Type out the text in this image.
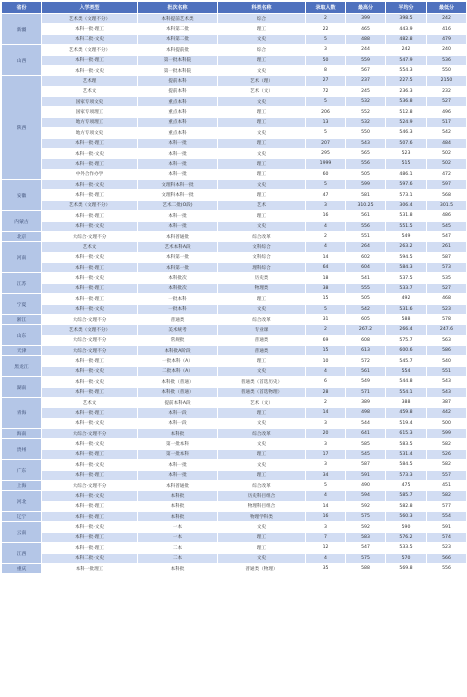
省份	入学类型	批次名称	科类名称	录取人数	最高分	平均分	最低分
新疆	艺术类（文理不分）	本科提前艺术类	综合	2	399	398.5	242
	本科一批·理工	本科第二批	理工	22	465	443.9	416
	本科二批·文史	本科第二批	文史	5	488	482.8	479
山西	艺术类（文理不分）	本科提前批	综合	3	244	242	240
	本科一批·理工	第一批本科院	理工	50	559	547.9	536
	本科一批·文史	第一批本科院	文史	8	567	554.3	550
陕西	艺术理	提前本科	艺术（理）	27	237	227.5	2150
	艺术文	提前本科	艺术（文）	72	245	236.3	232
	国家专项文史	重点本科	文史	5	532	536.8	527
	国家专项理工	重点本科	理工	206	552	512.8	496
	地方专项理工	重点本科	理工	13	532	524.9	517
	地方专项文史	重点本科	文史	5	550	546.3	542
	本科一批·理工	本科一批	理工	207	543	507.6	484
	本科一批·文史	本科一批	文史	295	565	523	502
	本科一批·理工	本科一批	理工	1999	556	515	502
	中外合作办学	本科一批	理工	60	505	486.1	472
安徽	本科一批·文史	文理科本科一批	文史	5	599	597.6	597
	本科一批·理工	文理科本科一批	理工	47	581	573.1	568
	艺术类（文理不分）	艺术二批(O段)	艺术	3	310.25	306.4	301.5
内蒙古	本科一批·理工	本科一批	理工	16	561	531.8	486
	本科一批·文史	本科一批	文史	4	556	551.5	545
北京	大综合·文理不分	本科普通批	综合改革	2	551	549	547
河南	艺术文	艺术本科A段	文科综合	4	264	263.2	261
	本科一批·文史	本科第一批	文科综合	14	602	594.5	587
	本科一批·理工	本科第一批	理科综合	64	604	584.3	573
江苏	本科一批·文史	本科批次	历史类	18	541	537.5	535
	本科一批·理工	本科批次	物理类	38	555	533.7	527
宁夏	本科一批·理工	一批本科	理工	15	505	492	468
	本科一批·文史	一批本科	文史	5	542	531.6	523
浙江	大综合·文理不分	普通类	综合改革	31	605	588	578
山东	艺术类（文理不分）	美术统考	专业课	2	267.2	266.4	247.6
	大综合·文理不分	常规批	普通类	69	608	575.7	563
天津	大综合·文理不分	本科批A阶段	普通类	15	613	600.6	586
黑龙江	本科一批·理工	一批本科（A）	理工	10	572	545.7	540
	本科一批·文史	二批本科（A）	文史	4	561	554	551
湖南	本科一批·文史	本科批（普通）	普通类（首选历史）	6	549	544.8	543
	本科一批·理工	本科批（普通）	普通类（首选物理）	28	571	554.1	543
青海	艺术文	提前本科A段	艺术（文）	2	389	388	387
	本科一批·理工	本科一段	理工	14	498	459.8	442
	本科一批·文史	本科一段	文史	3	544	519.4	500
海南	大综合·文理不分	本科批	综合改革	20	641	615.3	599
贵州	本科一批·文史	第一批本科	文史	3	585	583.5	582
	本科一批·理工	第一批本科	理工	17	545	531.4	526
广东	本科一批·文史	本科一批	文史	3	587	584.5	582
	本科一批·理工	本科一批	理工	34	591	573.3	557
上海	大综合·文理不分	本科普通批	综合改革	5	490	475	451
河北	本科一批·文史	本科批	历史科目组合	4	594	585.7	582
	本科一批·理工	本科批	物理科目组合	14	592	582.8	577
辽宁	本科一批·理工	本科批	物理学科类	16	575	560.3	554
云南	本科一批·文史	一本	文史	3	592	590	591
	本科一批·理工	一本	理工	7	583	576.2	574
江西	本科一批·理工	二本	理工	12	547	533.5	523
	本科二批·文史	二本	文史	4	575	570	566
重庆	本科一批理工	本科批	普通类（物理）	35	588	569.8	556
